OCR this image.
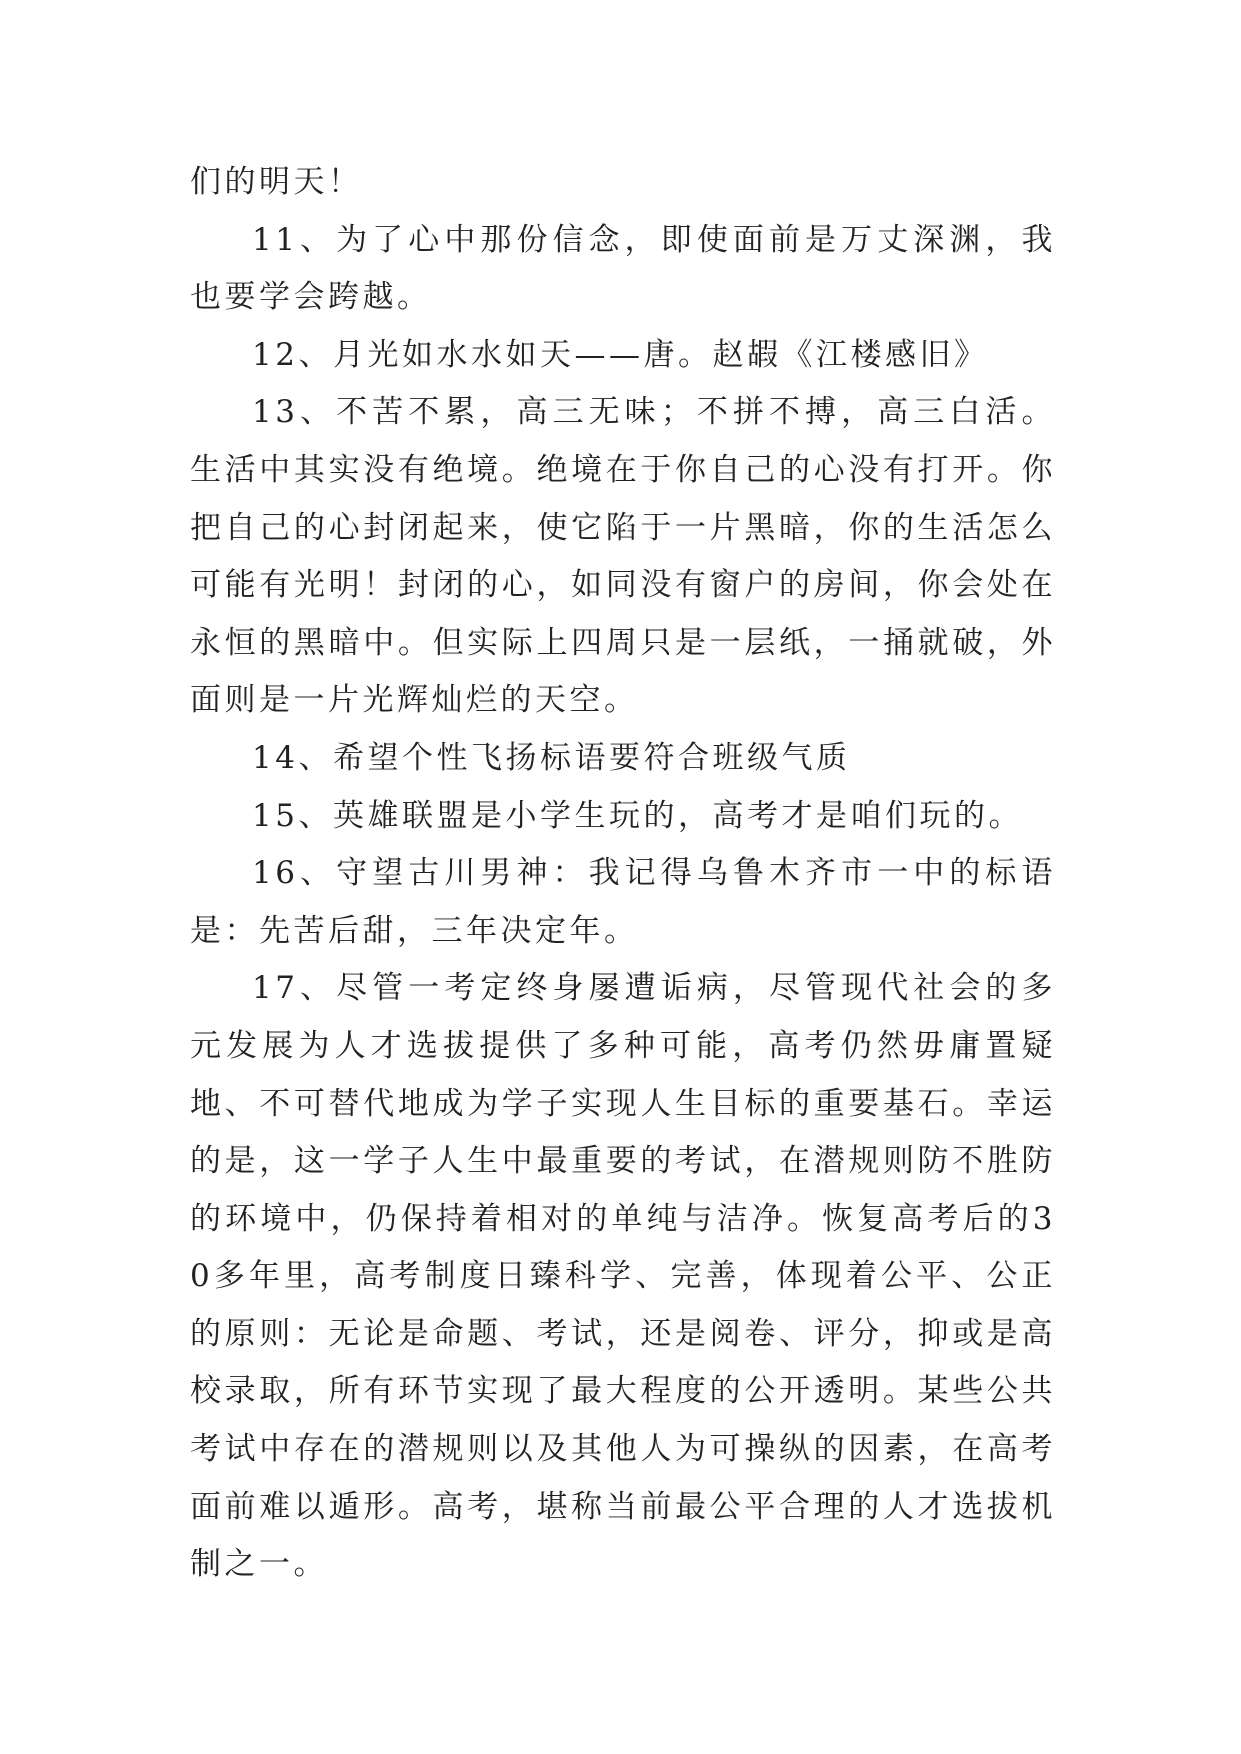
们的明天！

11、为了心中那份信念，即使面前是万丈深渊，我也要学会跨越。

12、月光如水水如天——唐。赵嘏《江楼感旧》

13、不苦不累，高三无味；不拼不搏，高三白活。生活中其实没有绝境。绝境在于你自己的心没有打开。你把自己的心封闭起来，使它陷于一片黑暗，你的生活怎么可能有光明！封闭的心，如同没有窗户的房间，你会处在永恒的黑暗中。但实际上四周只是一层纸，一捅就破，外面则是一片光辉灿烂的天空。

14、希望个性飞扬标语要符合班级气质

15、英雄联盟是小学生玩的，高考才是咱们玩的。

16、守望古川男神：我记得乌鲁木齐市一中的标语是：先苦后甜，三年决定年。

17、尽管一考定终身屡遭诟病，尽管现代社会的多元发展为人才选拔提供了多种可能，高考仍然毋庸置疑地、不可替代地成为学子实现人生目标的重要基石。幸运的是，这一学子人生中最重要的考试，在潜规则防不胜防的环境中，仍保持着相对的单纯与洁净。恢复高考后的30多年里，高考制度日臻科学、完善，体现着公平、公正的原则：无论是命题、考试，还是阅卷、评分，抑或是高校录取，所有环节实现了最大程度的公开透明。某些公共考试中存在的潜规则以及其他人为可操纵的因素，在高考面前难以遁形。高考，堪称当前最公平合理的人才选拔机制之一。
